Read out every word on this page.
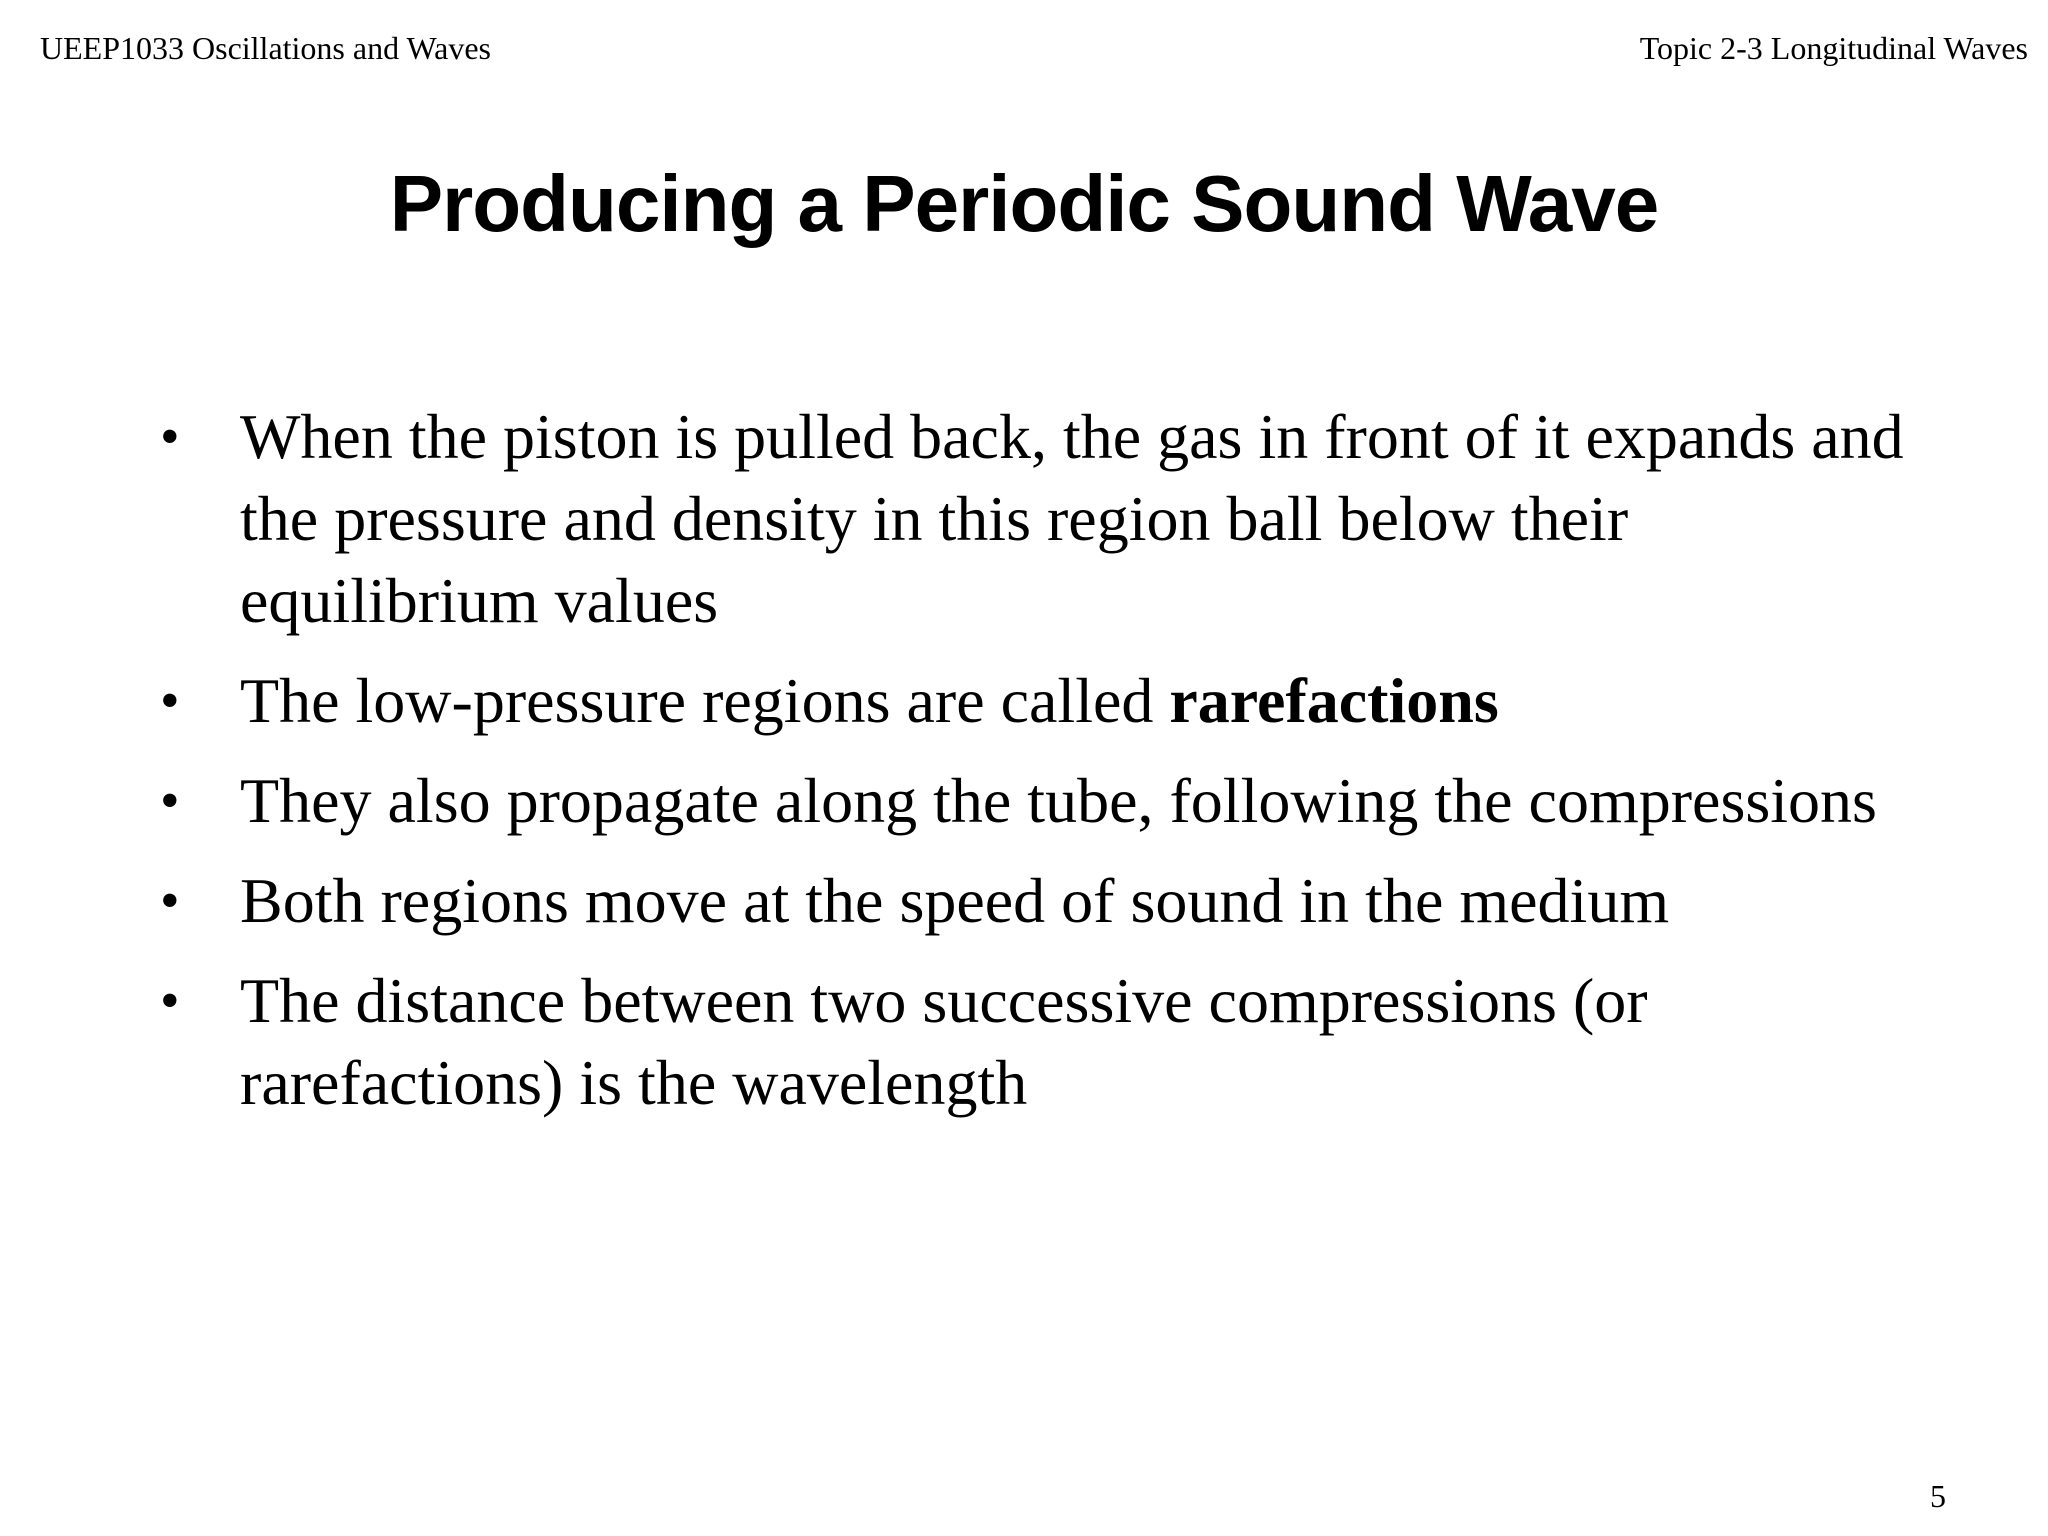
UEEP1033 Oscillations and Waves	Topic 2-3 Longitudinal Waves
Producing a Periodic Sound Wave
• When the piston is pulled back, the gas in front of it expands and the pressure and density in this region ball below their equilibrium values
• The low-pressure regions are called rarefactions
• They also propagate along the tube, following the compressions
• Both regions move at the speed of sound in the medium
• The distance between two successive compressions (or rarefactions) is the wavelength
5
